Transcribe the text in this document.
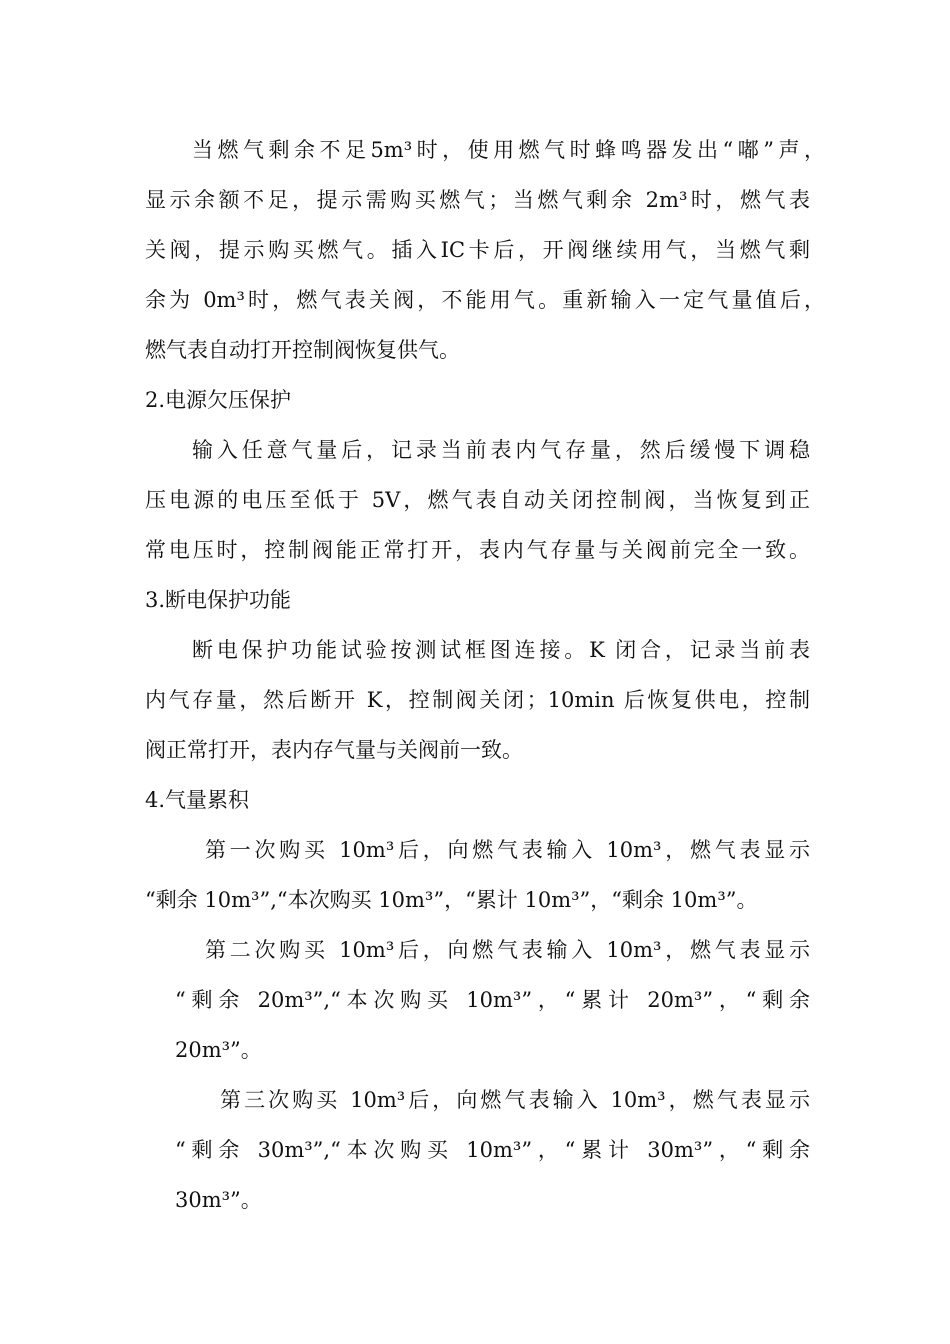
当燃气剩余不足5m³时，使用燃气时蜂鸣器发出“嘟”声，
显示余额不足，提示需购买燃气；当燃气剩余 2m³时，燃气表
关阀，提示购买燃气。插入IC卡后，开阀继续用气，当燃气剩
余为 0m³时，燃气表关阀，不能用气。重新输入一定气量值后，
燃气表自动打开控制阀恢复供气。
2.电源欠压保护
输入任意气量后，记录当前表内气存量，然后缓慢下调稳
压电源的电压至低于 5V，燃气表自动关闭控制阀，当恢复到正
常电压时，控制阀能正常打开，表内气存量与关阀前完全一致。
3.断电保护功能
断电保护功能试验按测试框图连接。K 闭合，记录当前表
内气存量，然后断开 K，控制阀关闭；10min 后恢复供电，控制
阀正常打开，表内存气量与关阀前一致。
4.气量累积
第一次购买 10m³后，向燃气表输入 10m³，燃气表显示
“剩余 10m³”,“本次购买 10m³”，“累计 10m³”，“剩余 10m³”。
第二次购买 10m³后，向燃气表输入 10m³，燃气表显示
“剩余 20m³”,“本次购买 10m³”，“累计 20m³”，“剩余
20m³”。
第三次购买 10m³后，向燃气表输入 10m³，燃气表显示
“剩余 30m³”,“本次购买 10m³”，“累计 30m³”，“剩余
30m³”。
